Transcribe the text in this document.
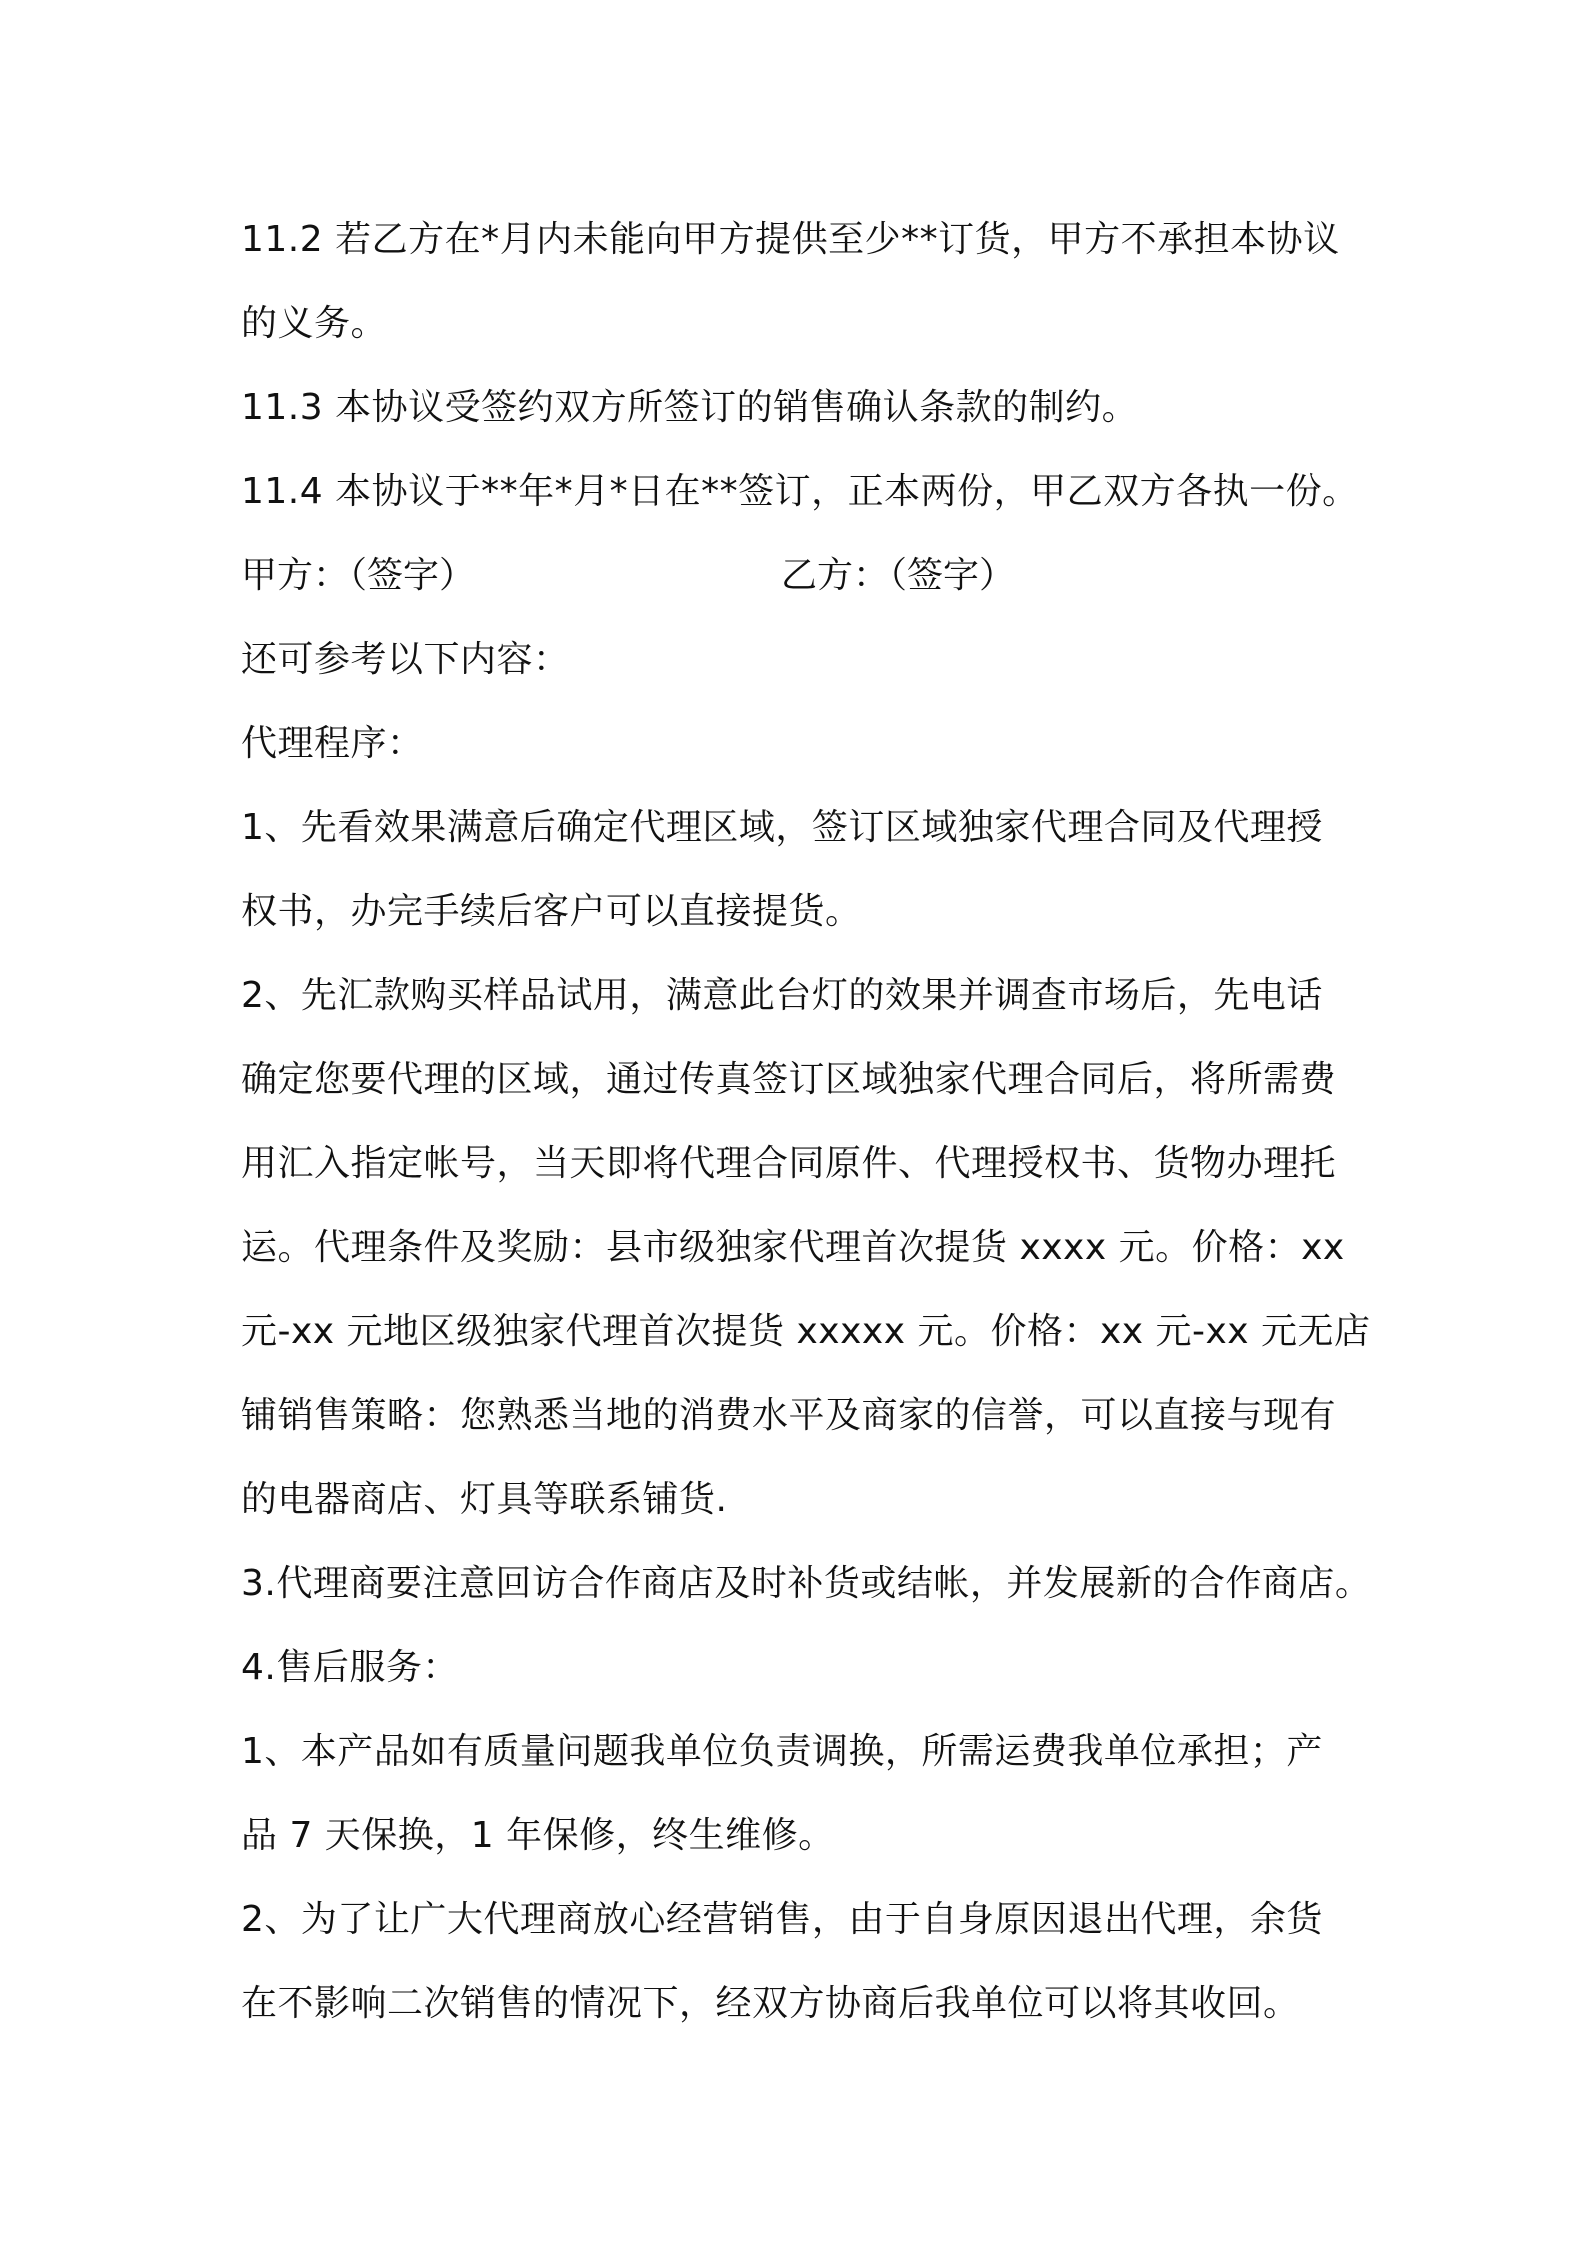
11.2 若乙方在*月内未能向甲方提供至少**订货，甲方不承担本协议
的义务。
11.3 本协议受签约双方所签订的销售确认条款的制约。
11.4 本协议于**年*月*日在**签订，正本两份，甲乙双方各执一份。
甲方：（签字）	乙方：（签字）
还可参考以下内容：
代理程序：
1、先看效果满意后确定代理区域，签订区域独家代理合同及代理授
权书，办完手续后客户可以直接提货。
2、先汇款购买样品试用，满意此台灯的效果并调查市场后，先电话
确定您要代理的区域，通过传真签订区域独家代理合同后，将所需费
用汇入指定帐号，当天即将代理合同原件、代理授权书、货物办理托
运。代理条件及奖励：县市级独家代理首次提货 xxxx 元。价格：xx
元-xx 元地区级独家代理首次提货 xxxxx 元。价格：xx 元-xx 元无店
铺销售策略：您熟悉当地的消费水平及商家的信誉，可以直接与现有
的电器商店、灯具等联系铺货.
3.代理商要注意回访合作商店及时补货或结帐，并发展新的合作商店。
4.售后服务：
1、本产品如有质量问题我单位负责调换，所需运费我单位承担；产
品 7 天保换，1 年保修，终生维修。
2、为了让广大代理商放心经营销售，由于自身原因退出代理，余货
在不影响二次销售的情况下，经双方协商后我单位可以将其收回。
